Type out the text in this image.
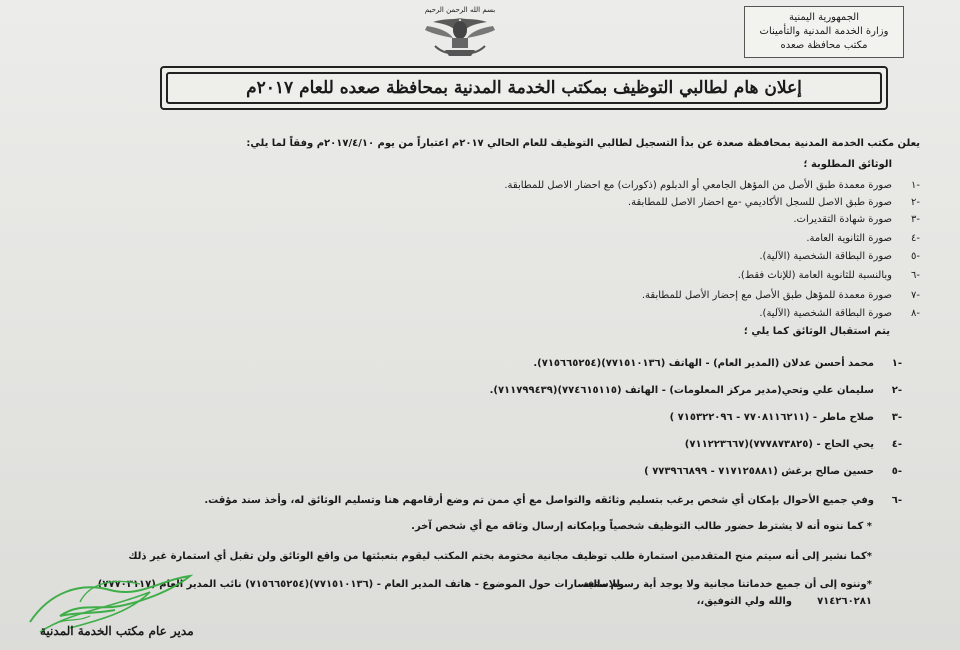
الجمهورية اليمنية
وزارة الخدمة المدنية والتأمينات
مكتب محافظة صعده
بسم الله الرحمن الرحيم
إعلان هام لطالبي التوظيف بمكتب الخدمة المدنية بمحافظة صعده للعام ٢٠١٧م
يعلن مكتب الخدمة المدنية بمحافظة صعدة عن بدأ التسجيل لطالبي التوظيف للعام الحالي ٢٠١٧م اعتباراً من يوم ٢٠١٧/٤/١٠م وفقاً لما يلي:
الوثائق المطلوبة ؛
-١صورة معمدة طبق الأصل من المؤهل الجامعي أو الدبلوم (ذكورات) مع احضار الاصل للمطابقة.
-٢صورة طبق الاصل للسجل الأكاديمي -مع احضار الاصل للمطابقة.
-٣صورة شهادة التقديرات.
-٤صورة الثانوية العامة.
-٥صورة البطاقة الشخصية (الآلية).
-٦وبالنسبة للثانوية العامة (للإناث فقط).
-٧صورة معمدة للمؤهل طبق الأصل مع إحضار الأصل للمطابقة.
-٨صورة البطاقة الشخصية (الآلية).
يتم استقبال الوثائق كما يلي ؛
-١محمد أحسن عدلان (المدير العام) - الهاتف (٧٧١٥١٠١٣٦)(٧١٥٦٦٥٢٥٤).
-٢سليمان علي وتحي(مدير مركز المعلومات) - الهاتف (٧٧٤٦١٥١١٥)(٧١١٧٩٩٤٣٩).
-٣صلاح ماطر - (٧٧٠٨١١٦٢١١ - ٧١٥٣٢٢٠٩٦ )
-٤يحي الحاج - (٧٧٧٨٧٣٨٢٥)(٧١١٢٢٣٦٦٧)
-٥حسين صالح برغش (٧١٧١٢٥٨٨١ - ٧٧٣٩٦٦٨٩٩ )
-٦وفي جميع الأحوال بإمكان أي شخص يرغب بتسليم وثائقه والتواصل مع أي ممن تم وضع أرقامهم هنا وتسليم الوثائق له، وأخذ سند مؤقت.
* كما ننوه أنه لا يشترط حضور طالب التوظيف شخصياً وبإمكانه إرسال وثاقه مع أي شخص آخر.
*كما نشير إلى أنه سيتم منح المتقدمين استمارة طلب توظيف مجانية مختومة بختم المكتب ليقوم بتعبئتها من واقع الوثائق ولن تقبل أي استمارة غير ذلك
*وننوه إلى أن جميع خدماتنا مجانية ولا يوجد أية رسوم مالية.
للاستفسارات حول الموضوع - هاتف المدير العام - (٧٧١٥١٠١٣٦)(٧١٥٦٦٥٢٥٤) نائب المدير العام (٧٧٧٠٣١١٧)
٧١٤٢٦٠٢٨١
والله ولي التوفيق،،
مدير عام مكتب الخدمة المدنية
